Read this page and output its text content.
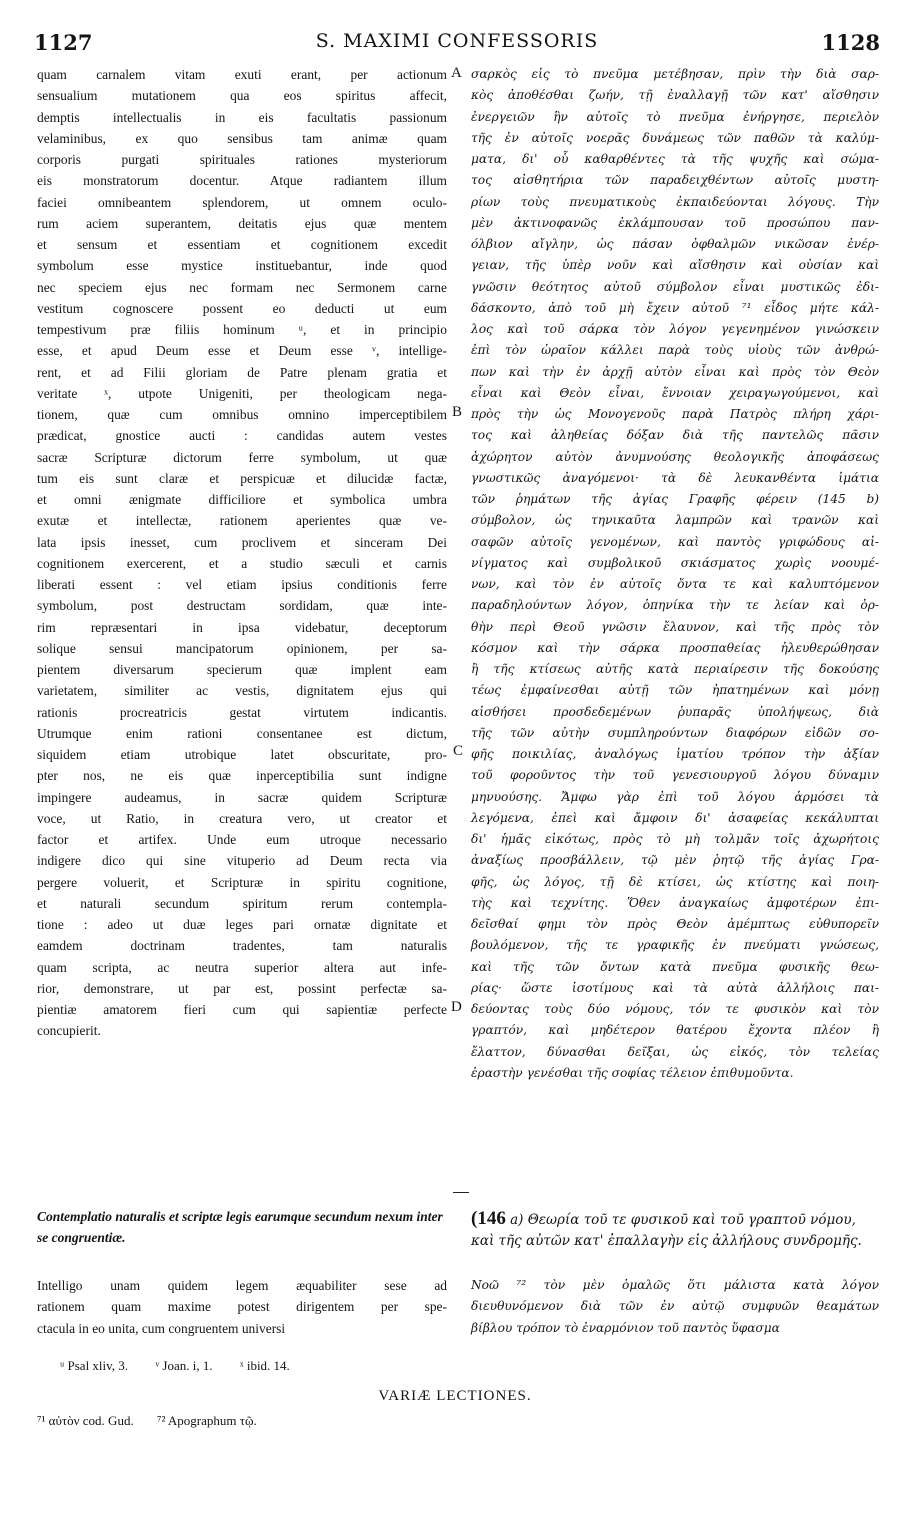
1127	S. MAXIMI CONFESSORIS	1128
quam carnalem vitam exuti erant, per actionum
sensualium mutationem qua eos spiritus affecit,
demptis intellectualis in eis facultatis passionum
velaminibus, ex quo sensibus tam animæ quam
corporis purgati spirituales rationes mysteriorum
eis monstratorum docentur. Atque radiantem illum
faciei omnibeantem splendorem, ut omnem oculo-
rum aciem superantem, deitatis ejus quæ mentem
et sensum et essentiam et cognitionem excedit
symbolum esse mystice instituebantur, inde quod
nec speciem ejus nec formam nec Sermonem carne
vestitum cognoscere possent eo deducti ut eum
tempestivum præ filiis hominum ᵘ, et in principio
esse, et apud Deum esse et Deum esse ᵛ, intellige-
rent, et ad Filii gloriam de Patre plenam gratia et
veritate ˣ, utpote Unigeniti, per theologicam nega-
tionem, quæ cum omnibus omnino imperceptibilem
prædicat, gnostice aucti : candidas autem vestes
sacræ Scripturæ dictorum ferre symbolum, ut quæ
tum eis sunt claræ et perspicuæ et dilucidæ factæ,
et omni ænigmate difficiliore et symbolica umbra
exutæ et intellectæ, rationem aperientes quæ ve-
lata ipsis inesset, cum proclivem et sinceram Dei
cognitionem exercerent, et a studio sæculi et carnis
liberati essent : vel etiam ipsius conditionis ferre
symbolum, post destructam sordidam, quæ inte-
rim repræsentari in ipsa videbatur, deceptorum
solique sensui mancipatorum opinionem, per sa-
pientem diversarum specierum quæ implent eam
varietatem, similiter ac vestis, dignitatem ejus qui
rationis procreatricis gestat virtutem indicantis.
Utrumque enim rationi consentanee est dictum,
siquidem etiam utrobique latet obscuritate, pro-
pter nos, ne eis quæ inperceptibilia sunt indigne
impingere audeamus, in sacræ quidem Scripturæ
voce, ut Ratio, in creatura vero, ut creator et
factor et artifex. Unde eum utroque necessario
indigere dico qui sine vituperio ad Deum recta via
pergere voluerit, et Scripturæ in spiritu cognitione,
et naturali secundum spiritum rerum contempla-
tione : adeo ut duæ leges pari ornatæ dignitate et
eamdem doctrinam tradentes, tam naturalis
quam scripta, ac neutra superior altera aut infe-
rior, demonstrare, ut par est, possint perfectæ sa-
pientiæ amatorem fieri cum qui sapientiæ perfecte
concupierit.
σαρκὸς εἰς τὸ πνεῦμα μετέβησαν, πρὶν τὴν διὰ σαρ-
κὸς ἀποθέσθαι ζωήν, τῇ ἐναλλαγῇ τῶν κατ' αἴσθησιν
ἐνεργειῶν ἣν αὐτοῖς τὸ πνεῦμα ἐνήργησε, περιελὸν
τῆς ἐν αὐτοῖς νοερᾶς δυνάμεως τῶν παθῶν τὰ καλύμ-
ματα, δι' οὗ καθαρθέντες τὰ τῆς ψυχῆς καὶ σώμα-
τος αἰσθητήρια τῶν παραδειχθέντων αὐτοῖς μυστη-
ρίων τοὺς πνευματικοὺς ἐκπαιδεύονται λόγους. Τὴν
μὲν ἀκτινοφανῶς ἐκλάμπουσαν τοῦ προσώπου παν-
όλβιον αἴγλην, ὡς πάσαν ὀφθαλμῶν νικῶσαν ἐνέρ-
γειαν, τῆς ὑπὲρ νοῦν καὶ αἴσθησιν καὶ οὐσίαν καὶ
γνῶσιν θεότητος αὐτοῦ σύμβολον εἶναι μυστικῶς ἐδι-
δάσκοντο, ἀπὸ τοῦ μὴ ἔχειν αὐτοῦ ⁷¹ εἶδος μήτε κάλ-
λος καὶ τοῦ σάρκα τὸν λόγον γεγενημένον γινώσκειν
ἐπὶ τὸν ὡραῖον κάλλει παρὰ τοὺς υἱοὺς τῶν ἀνθρώ-
πων καὶ τὴν ἐν ἀρχῇ αὐτὸν εἶναι καὶ πρὸς τὸν Θεὸν
εἶναι καὶ Θεὸν εἶναι, ἔννοιαν χειραγωγούμενοι, καὶ
πρὸς τὴν ὡς Μονογενοῦς παρὰ Πατρὸς πλήρη χάρι-
τος καὶ ἀληθείας δόξαν διὰ τῆς παντελῶς πᾶσιν
ἀχώρητον αὐτὸν ἀνυμνούσης θεολογικῆς ἀποφάσεως
γνωστικῶς ἀναγόμενοι· τὰ δὲ λευκανθέντα ἱμάτια
τῶν ῥημάτων τῆς ἁγίας Γραφῆς φέρειν (145 b)
σύμβολον, ὡς τηνικαῦτα λαμπρῶν καὶ τρανῶν καὶ
σαφῶν αὐτοῖς γενομένων, καὶ παντὸς γριφώδους αἰ-
νίγματος καὶ συμβολικοῦ σκιάσματος χωρὶς νοουμέ-
νων, καὶ τὸν ἐν αὐτοῖς ὄντα τε καὶ καλυπτόμενον
παραδηλούντων λόγον, ὁπηνίκα τὴν τε λείαν καὶ ὀρ-
θὴν περὶ Θεοῦ γνῶσιν ἔλαυνον, καὶ τῆς πρὸς τὸν
κόσμον καὶ τὴν σάρκα προσπαθείας ἠλευθερώθησαν
ἢ τῆς κτίσεως αὐτῆς κατὰ περιαίρεσιν τῆς δοκούσης
τέως ἐμφαίνεσθαι αὐτῇ τῶν ἠπατημένων καὶ μόνῃ
αἰσθήσει προσδεδεμένων ῥυπαρᾶς ὑπολήψεως, διὰ
τῆς τῶν αὐτὴν συμπληρούντων διαφόρων εἰδῶν σο-
φῆς ποικιλίας, ἀναλόγως ἱματίου τρόπον τὴν ἀξίαν
τοῦ φοροῦντος τὴν τοῦ γενεσιουργοῦ λόγου δύναμιν
μηνυούσης. Ἄμφω γὰρ ἐπὶ τοῦ λόγου ἁρμόσει τὰ
λεγόμενα, ἐπεὶ καὶ ἄμφοιν δι' ἀσαφείας κεκάλυπται
δι' ἡμᾶς εἰκότως, πρὸς τὸ μὴ τολμᾶν τοῖς ἀχωρήτοις
ἀναξίως προσβάλλειν, τῷ μὲν ῥητῷ τῆς ἁγίας Γρα-
φῆς, ὡς λόγος, τῇ δὲ κτίσει, ὡς κτίστης καὶ ποιη-
τὴς καὶ τεχνίτης. Ὅθεν ἀναγκαίως ἀμφοτέρων ἐπι-
δεῖσθαί φημι τὸν πρὸς Θεὸν ἀμέμπτως εὐθυπορεῖν
βουλόμενον, τῆς τε γραφικῆς ἐν πνεύματι γνώσεως,
καὶ τῆς τῶν ὄντων κατὰ πνεῦμα φυσικῆς θεω-
ρίας· ὥστε ἰσοτίμους καὶ τὰ αὐτὰ ἀλλήλοις παι-
δεύοντας τοὺς δύο νόμους, τόν τε φυσικὸν καὶ τὸν
γραπτόν, καὶ μηδέτερον θατέρου ἔχοντα πλέον ἢ
ἔλαττον, δύνασθαι δεῖξαι, ὡς εἰκός, τὸν τελείας
ἐραστὴν γενέσθαι τῆς σοφίας τέλειον ἐπιθυμοῦντα.
A
B
C
D
Contemplatio naturalis et scriptæ legis earumque secundum nexum inter se congruentiæ.
(146 a) Θεωρία τοῦ τε φυσικοῦ καὶ τοῦ γραπτοῦ νόμου, καὶ τῆς αὐτῶν κατ' ἐπαλλαγὴν εἰς ἀλλήλους συνδρομῆς.
Intelligo unam quidem legem æquabiliter sese ad
rationem quam maxime potest dirigentem per spe-
ctacula in eo unita, cum congruentem universi
Νοῶ ⁷² τὸν μὲν ὁμαλῶς ὅτι μάλιστα κατὰ λόγον
διευθυνόμενον διὰ τῶν ἐν αὐτῷ συμφυῶν θεαμάτων
βίβλου τρόπον τὸ ἐναρμόνιον τοῦ παντὸς ὕφασμα
ᵘ Psal xliv, 3. ᵛ Joan. i, 1. ˣ ibid. 14.
VARIÆ LECTIONES.
⁷¹ αὐτὸν cod. Gud. ⁷² Apographum τῷ.
